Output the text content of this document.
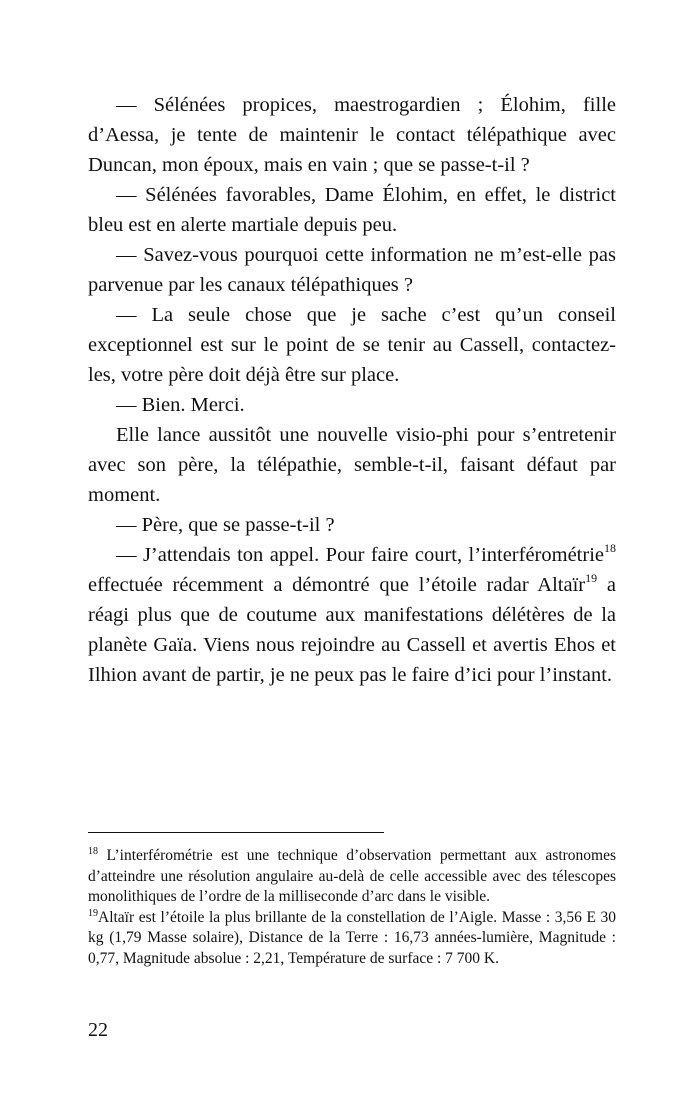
— Sélénées propices, maestrogardien ; Élohim, fille d’Aessa, je tente de maintenir le contact télépathique avec Duncan, mon époux, mais en vain ; que se passe-t-il ?

— Sélénées favorables, Dame Élohim, en effet, le district bleu est en alerte martiale depuis peu.

— Savez-vous pourquoi cette information ne m’est-elle pas parvenue par les canaux télépathiques ?

— La seule chose que je sache c’est qu’un conseil exceptionnel est sur le point de se tenir au Cassell, contactez-les, votre père doit déjà être sur place.

— Bien. Merci.

Elle lance aussitôt une nouvelle visio-phi pour s’entretenir avec son père, la télépathie, semble-t-il, faisant défaut par moment.

— Père, que se passe-t-il ?

— J’attendais ton appel. Pour faire court, l’interférométrie$^{18}$ effectuée récemment a démontré que l’étoile radar Altaïr$^{19}$ a réagi plus que de coutume aux manifestations délétères de la planète Gaïa. Viens nous rejoindre au Cassell et avertis Ehos et Ilhion avant de partir, je ne peux pas le faire d’ici pour l’instant.

$^{18}$ L’interférométrie est une technique d’observation permettant aux astronomes d’atteindre une résolution angulaire au-delà de celle accessible avec des télescopes monolithiques de l’ordre de la milliseconde d’arc dans le visible.

$^{19}$Altaïr est l’étoile la plus brillante de la constellation de l’Aigle. Masse : 3,56 E 30 kg (1,79 Masse solaire), Distance de la Terre : 16,73 années-lumière, Magnitude : 0,77, Magnitude absolue : 2,21, Température de surface : 7 700 K.

22
